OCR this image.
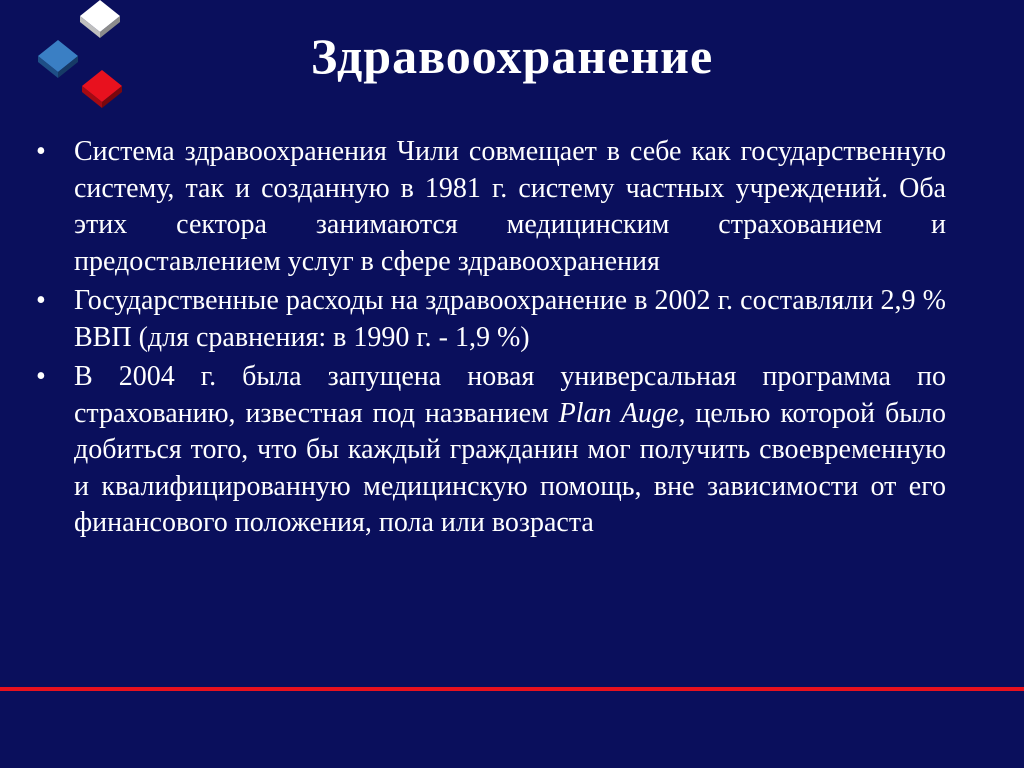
Здравоохранение
•	Система здравоохранения Чили совмещает в себе как государственную систему, так и созданную в 1981 г. систему частных учреждений. Оба этих сектора занимаются медицинским страхованием и предоставлением услуг в сфере здравоохранения
•	Государственные расходы на здравоохранение в 2002 г. составляли 2,9 % ВВП (для сравнения: в 1990 г. - 1,9 %)
•	В 2004 г. была запущена новая универсальная программа по страхованию, известная под названием Plan Auge, целью которой было добиться того, что бы каждый гражданин мог получить своевременную и квалифицированную медицинскую помощь, вне зависимости от его финансового положения, пола или возраста
